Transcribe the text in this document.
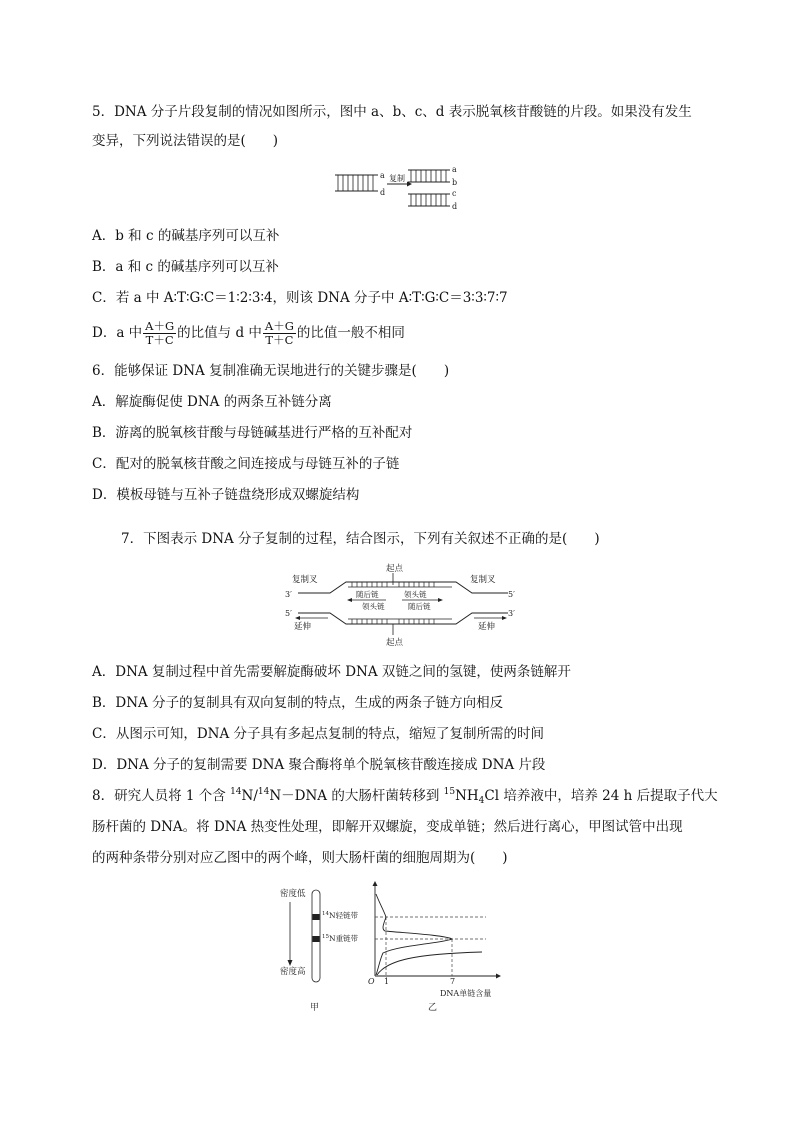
5．DNA 分子片段复制的情况如图所示，图中 a、b、c、d 表示脱氧核苷酸链的片段。如果没有发生
变异，下列说法错误的是(　　)
a
d
复制
a
b
c
d
A．b 和 c 的碱基序列可以互补
B．a 和 c 的碱基序列可以互补
C．若 a 中 A∶T∶G∶C＝1∶2∶3∶4，则该 DNA 分子中 A∶T∶G∶C＝3∶3∶7∶7
D．a 中 $\frac{A+G}{T+C}$ 的比值与 d 中 $\frac{A+G}{T+C}$ 的比值一般不相同
6．能够保证 DNA 复制准确无误地进行的关键步骤是(　　)
A．解旋酶促使 DNA 的两条互补链分离
B．游离的脱氧核苷酸与母链碱基进行严格的互补配对
C．配对的脱氧核苷酸之间连接成与母链互补的子链
D．模板母链与互补子链盘绕形成双螺旋结构
7．下图表示 DNA 分子复制的过程，结合图示，下列有关叙述不正确的是(　　)
起点
复制叉	复制叉
3′	5′
随后链	领头链
领头链	随后链
5′	3′
延伸	延伸
起点
A．DNA 复制过程中首先需要解旋酶破坏 DNA 双链之间的氢键，使两条链解开
B．DNA 分子的复制具有双向复制的特点，生成的两条子链方向相反
C．从图示可知，DNA 分子具有多起点复制的特点，缩短了复制所需的时间
D．DNA 分子的复制需要 DNA 聚合酶将单个脱氧核苷酸连接成 DNA 片段
8．研究人员将 1 个含 $^{14}$N/$^{14}$N－DNA 的大肠杆菌转移到 $^{15}NH_4Cl$ 培养液中，培养 24 h 后提取子代大
肠杆菌的 DNA。将 DNA 热变性处理，即解开双螺旋，变成单链；然后进行离心，甲图试管中出现
的两种条带分别对应乙图中的两个峰，则大肠杆菌的细胞周期为(　　)
密度低
密度高
$^{14}$N轻链带
$^{15}$N重链带
甲
O
DNA单链含量
乙
1	7
